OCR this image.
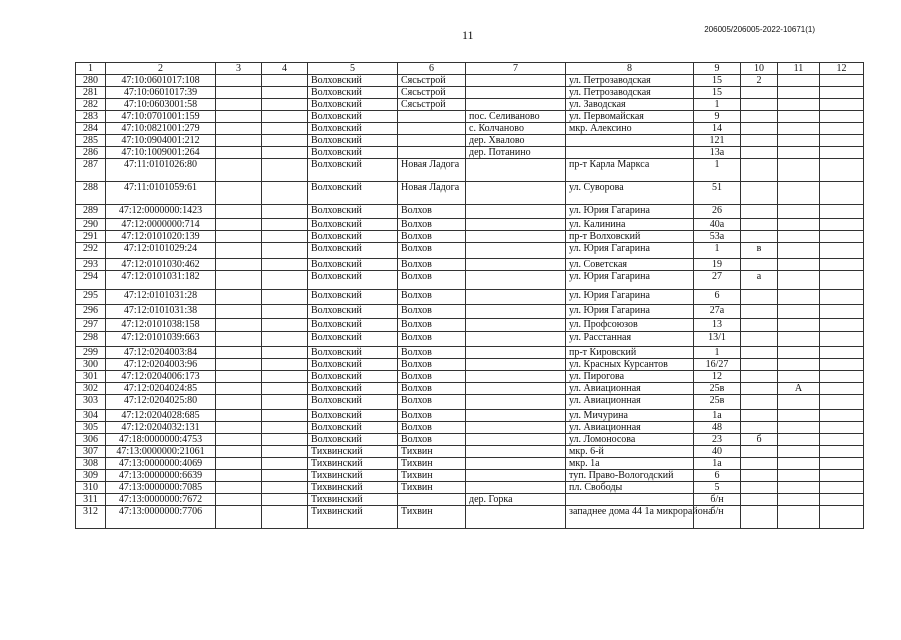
11	206005/206005-2022-10671(1)
1	2	3	4	5	6	7	8	9	10	11	12
280	47:10:0601017:108			Волховский	Сясьстрой		ул. Петрозаводская	15	2		
281	47:10:0601017:39			Волховский	Сясьстрой		ул. Петрозаводская	15			
282	47:10:0603001:58			Волховский	Сясьстрой		ул. Заводская	1			
283	47:10:0701001:159			Волховский		пос. Селиваново	ул. Первомайская	9			
284	47:10:0821001:279			Волховский		с. Колчаново	мкр. Алексино	14			
285	47:10:0904001:212			Волховский		дер. Хвалово		121			
286	47:10:1009001:264			Волховский		дер. Потанино		13а			
287	47:11:0101026:80			Волховский	Новая Ладога		пр-т Карла Маркса	1			
288	47:11:0101059:61			Волховский	Новая Ладога		ул. Суворова	51			
289	47:12:0000000:1423			Волховский	Волхов		ул. Юрия Гагарина	26			
290	47:12:0000000:714			Волховский	Волхов		ул. Калинина	40а			
291	47:12:0101020:139			Волховский	Волхов		пр-т Волховский	53а			
292	47:12:0101029:24			Волховский	Волхов		ул. Юрия Гагарина	1	в		
293	47:12:0101030:462			Волховский	Волхов		ул. Советская	19			
294	47:12:0101031:182			Волховский	Волхов		ул. Юрия Гагарина	27	а		
295	47:12:0101031:28			Волховский	Волхов		ул. Юрия Гагарина	6			
296	47:12:0101031:38			Волховский	Волхов		ул. Юрия Гагарина	27а			
297	47:12:0101038:158			Волховский	Волхов		ул. Профсоюзов	13			
298	47:12:0101039:663			Волховский	Волхов		ул. Расстанная	13/1			
299	47:12:0204003:84			Волховский	Волхов		пр-т Кировский	1			
300	47:12:0204003:96			Волховский	Волхов		ул. Красных Курсантов	16/27			
301	47:12:0204006:173			Волховский	Волхов		ул. Пирогова	12			
302	47:12:0204024:85			Волховский	Волхов		ул. Авиационная	25в		А	
303	47:12:0204025:80			Волховский	Волхов		ул. Авиационная	25в			
304	47:12:0204028:685			Волховский	Волхов		ул. Мичурина	1а			
305	47:12:0204032:131			Волховский	Волхов		ул. Авиационная	48			
306	47:18:0000000:4753			Волховский	Волхов		ул. Ломоносова	23	б		
307	47:13:0000000:21061			Тихвинский	Тихвин		мкр. 6-й	40			
308	47:13:0000000:4069			Тихвинский	Тихвин		мкр. 1а	1а			
309	47:13:0000000:6639			Тихвинский	Тихвин		туп. Право-Вологодский	6			
310	47:13:0000000:7085			Тихвинский	Тихвин		пл. Свободы	5			
311	47:13:0000000:7672			Тихвинский		дер. Горка		б/н			
312	47:13:0000000:7706			Тихвинский	Тихвин		западнее дома 44 1а микрорайона	б/н			
